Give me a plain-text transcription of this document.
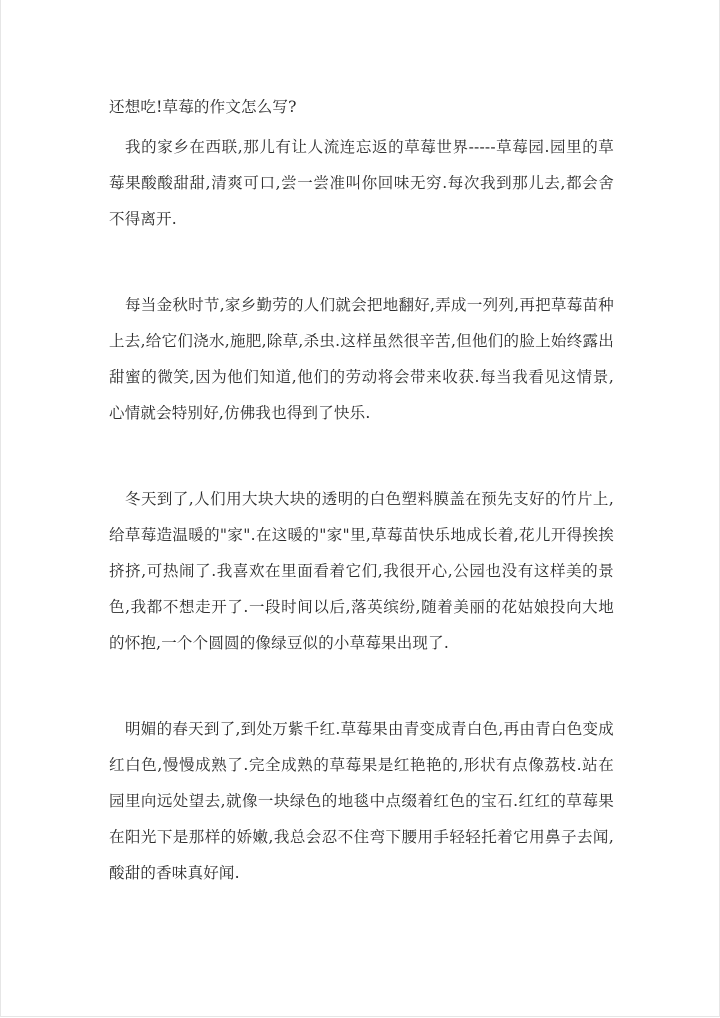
还想吃!草莓的作文怎么写?

我的家乡在西联,那儿有让人流连忘返的草莓世界-----草莓园.园里的草莓果酸酸甜甜,清爽可口,尝一尝准叫你回味无穷.每次我到那儿去,都会舍不得离开.

每当金秋时节,家乡勤劳的人们就会把地翻好,弄成一列列,再把草莓苗种上去,给它们浇水,施肥,除草,杀虫.这样虽然很辛苦,但他们的脸上始终露出甜蜜的微笑,因为他们知道,他们的劳动将会带来收获.每当我看见这情景,心情就会特别好,仿佛我也得到了快乐.

冬天到了,人们用大块大块的透明的白色塑料膜盖在预先支好的竹片上,给草莓造温暖的"家".在这暖的"家"里,草莓苗快乐地成长着,花儿开得挨挨挤挤,可热闹了.我喜欢在里面看着它们,我很开心,公园也没有这样美的景色,我都不想走开了.一段时间以后,落英缤纷,随着美丽的花姑娘投向大地的怀抱,一个个圆圆的像绿豆似的小草莓果出现了.

明媚的春天到了,到处万紫千红.草莓果由青变成青白色,再由青白色变成红白色,慢慢成熟了.完全成熟的草莓果是红艳艳的,形状有点像荔枝.站在园里向远处望去,就像一块绿色的地毯中点缀着红色的宝石.红红的草莓果在阳光下是那样的娇嫩,我总会忍不住弯下腰用手轻轻托着它用鼻子去闻,酸甜的香味真好闻.
